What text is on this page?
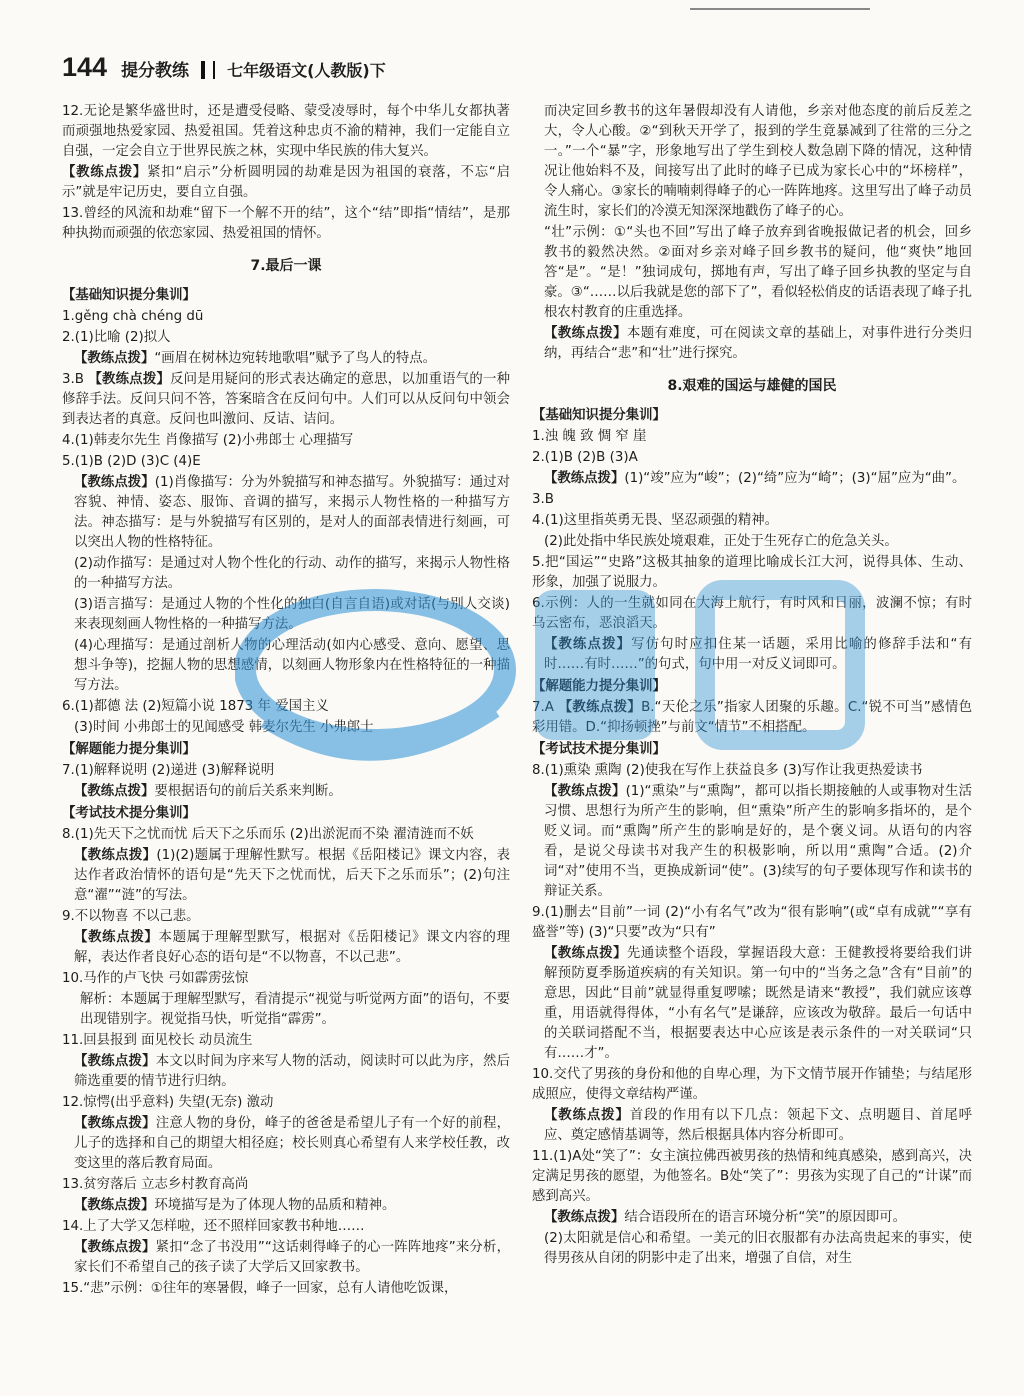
144 提分教练 七年级语文(人教版)下

12.无论是繁华盛世时，还是遭受侵略、蒙受凌辱时，每个中华儿女都执著而顽强地热爱家园、热爱祖国。凭着这种忠贞不渝的精神，我们一定能自立自强，一定会自立于世界民族之林，实现中华民族的伟大复兴。

【教练点拨】紧扣“启示”分析圆明园的劫难是因为祖国的衰落，不忘“启示”就是牢记历史，要自立自强。

13.曾经的风流和劫难“留下一个解不开的结”，这个“结”即指“情结”，是那种执拗而顽强的依恋家园、热爱祖国的情怀。

7.最后一课
【基础知识提分集训】

1.gěng chà chéng dū

2.(1)比喻 (2)拟人

【教练点拨】“画眉在树林边宛转地歌唱”赋予了鸟人的特点。

3.B 【教练点拨】反问是用疑问的形式表达确定的意思，以加重语气的一种修辞手法。反问只问不答，答案暗含在反问句中。人们可以从反问句中领会到表达者的真意。反问也叫激问、反诘、诘问。

4.(1)韩麦尔先生 肖像描写 (2)小弗郎士 心理描写

5.(1)B (2)D (3)C (4)E

【教练点拨】(1)肖像描写：分为外貌描写和神态描写。外貌描写：通过对容貌、神情、姿态、服饰、音调的描写，来揭示人物性格的一种描写方法。神态描写：是与外貌描写有区别的，是对人的面部表情进行刻画，可以突出人物的性格特征。

(2)动作描写：是通过对人物个性化的行动、动作的描写，来揭示人物性格的一种描写方法。

(3)语言描写：是通过人物的个性化的独白(自言自语)或对话(与别人交谈)来表现刻画人物性格的一种描写方法。

(4)心理描写：是通过剖析人物的心理活动(如内心感受、意向、愿望、思想斗争等)，挖掘人物的思想感情，以刻画人物形象内在性格特征的一种描写方法。

6.(1)都德 法 (2)短篇小说 1873 年 爱国主义

(3)时间 小弗郎士的见闻感受 韩麦尔先生 小弗郎士

【解题能力提分集训】

7.(1)解释说明 (2)递进 (3)解释说明

【教练点拨】要根据语句的前后关系来判断。

【考试技术提分集训】

8.(1)先天下之忧而忧 后天下之乐而乐 (2)出淤泥而不染 濯清涟而不妖

【教练点拨】(1)(2)题属于理解性默写。根据《岳阳楼记》课文内容，表达作者政治情怀的语句是“先天下之忧而忧，后天下之乐而乐”；(2)句注意“濯”“涟”的写法。

9.不以物喜 不以己悲。

【教练点拨】本题属于理解型默写，根据对《岳阳楼记》课文内容的理解，表达作者良好心态的语句是“不以物喜，不以己悲”。

10.马作的卢飞快 弓如霹雳弦惊

解析：本题属于理解型默写，看清提示“视觉与听觉两方面”的语句，不要出现错别字。视觉指马快，听觉指“霹雳”。

11.回县报到 面见校长 动员流生

【教练点拨】本文以时间为序来写人物的活动，阅读时可以此为序，然后筛选重要的情节进行归纳。

12.惊愕(出乎意料) 失望(无奈) 激动

【教练点拨】注意人物的身份，峰子的爸爸是希望儿子有一个好的前程，儿子的选择和自己的期望大相径庭；校长则真心希望有人来学校任教，改变这里的落后教育局面。

13.贫穷落后 立志乡村教育高尚

【教练点拨】环境描写是为了体现人物的品质和精神。

14.上了大学又怎样啦，还不照样回家教书种地……

【教练点拨】紧扣“念了书没用”“这话刺得峰子的心一阵阵地疼”来分析，家长们不希望自己的孩子读了大学后又回家教书。

15.“悲”示例：①往年的寒暑假，峰子一回家，总有人请他吃饭课，

而决定回乡教书的这年暑假却没有人请他，乡亲对他态度的前后反差之大，令人心酸。②“到秋天开学了，报到的学生竟暴减到了往常的三分之一。”一个“暴”字，形象地写出了学生到校人数急剧下降的情况，这种情况让他始料不及，间接写出了此时的峰子已成为家长心中的“坏榜样”，令人痛心。③家长的喃喃刺得峰子的心一阵阵地疼。这里写出了峰子动员流生时，家长们的冷漠无知深深地戳伤了峰子的心。

“壮”示例：①“头也不回”写出了峰子放弃到省晚报做记者的机会，回乡教书的毅然决然。②面对乡亲对峰子回乡教书的疑问，他“爽快”地回答“是”。“是！”独词成句，掷地有声，写出了峰子回乡执教的坚定与自豪。③“……以后我就是您的部下了”，看似轻松俏皮的话语表现了峰子扎根农村教育的庄重选择。

【教练点拨】本题有难度，可在阅读文章的基础上，对事件进行分类归纳，再结合“悲”和“壮”进行探究。

8.艰难的国运与雄健的国民
【基础知识提分集训】

1.浊 魄 致 惆 窄 崖

2.(1)B (2)B (3)A

【教练点拨】(1)“竣”应为“峻”；(2)“绮”应为“崎”；(3)“屈”应为“曲”。

3.B

4.(1)这里指英勇无畏、坚忍顽强的精神。

(2)此处指中华民族处境艰难，正处于生死存亡的危急关头。

5.把“国运”“史路”这极其抽象的道理比喻成长江大河，说得具体、生动、形象，加强了说服力。

6.示例：人的一生就如同在大海上航行，有时风和日丽，波澜不惊；有时乌云密布，恶浪滔天。

【教练点拨】写仿句时应扣住某一话题，采用比喻的修辞手法和“有时……有时……”的句式，句中用一对反义词即可。

【解题能力提分集训】

7.A 【教练点拨】B.“天伦之乐”指家人团聚的乐趣。C.“锐不可当”感情色彩用错。D.“抑扬顿挫”与前文“情节”不相搭配。

【考试技术提分集训】

8.(1)熏染 熏陶 (2)使我在写作上获益良多 (3)写作让我更热爱读书

【教练点拨】(1)“熏染”与“熏陶”，都可以指长期接触的人或事物对生活习惯、思想行为所产生的影响，但“熏染”所产生的影响多指坏的，是个贬义词。而“熏陶”所产生的影响是好的，是个褒义词。从语句的内容看，是说父母读书对我产生的积极影响，所以用“熏陶”合适。(2)介词“对”使用不当，更换成新词“使”。(3)续写的句子要体现写作和读书的辩证关系。

9.(1)删去“目前”一词 (2)“小有名气”改为“很有影响”(或“卓有成就”“享有盛誉”等) (3)“只要”改为“只有”

【教练点拨】先通读整个语段，掌握语段大意：王健教授将要给我们讲解预防夏季肠道疾病的有关知识。第一句中的“当务之急”含有“目前”的意思，因此“目前”就显得重复啰嗦；既然是请来“教授”，我们就应该尊重，用语就得得体，“小有名气”是谦辞，应该改为敬辞。最后一句话中的关联词搭配不当，根据要表达中心应该是表示条件的一对关联词“只有……才”。

10.交代了男孩的身份和他的自卑心理，为下文情节展开作铺垫；与结尾形成照应，使得文章结构严谨。

【教练点拨】首段的作用有以下几点：领起下文、点明题目、首尾呼应、奠定感情基调等，然后根据具体内容分析即可。

11.(1)A处“笑了”：女主演拉佛西被男孩的热情和纯真感染，感到高兴，决定满足男孩的愿望，为他签名。B处“笑了”：男孩为实现了自己的“计谋”而感到高兴。

【教练点拨】结合语段所在的语言环境分析“笑”的原因即可。

(2)太阳就是信心和希望。一美元的旧衣服都有办法高贵起来的事实，使得男孩从自闭的阴影中走了出来，增强了自信，对生
